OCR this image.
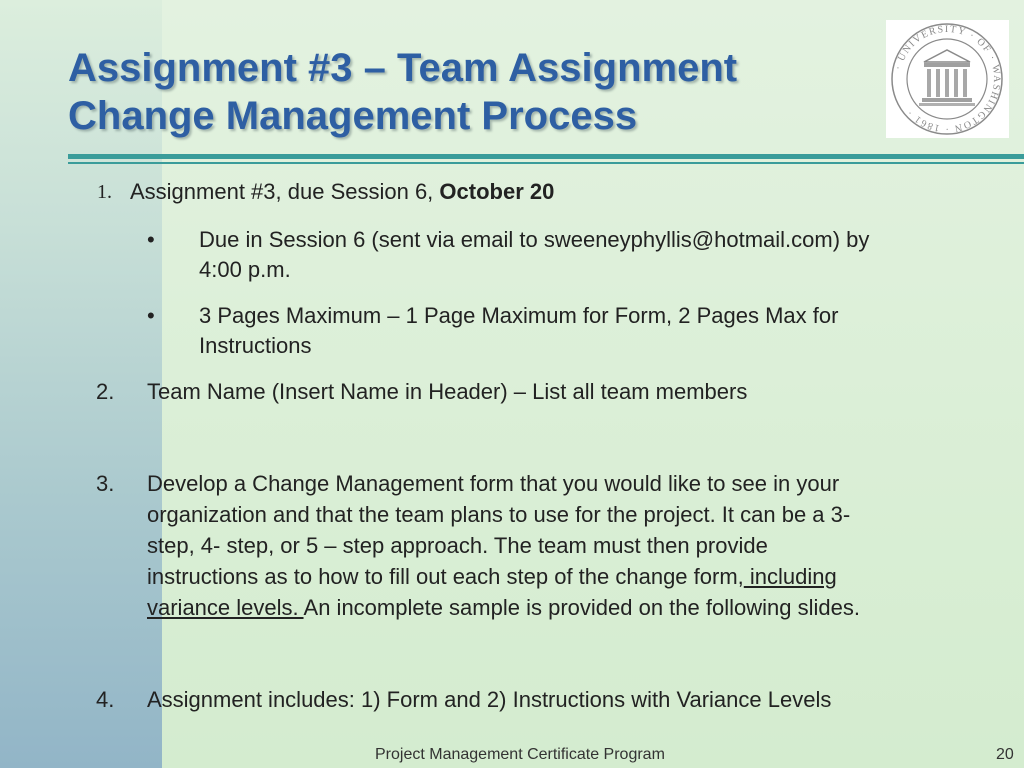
Assignment #3 – Team Assignment
Change Management Process
· UNIVERSITY · OF · WASHINGTON · 1861 ·
1. Assignment #3, due Session 6, October 20
• Due in Session 6 (sent via email to sweeneyphyllis@hotmail.com) by
4:00 p.m.
• 3 Pages Maximum – 1 Page Maximum for Form, 2 Pages Max for
Instructions
2. Team Name (Insert Name in Header) – List all team members
3. Develop a Change Management form that you would like to see in your
organization and that the team plans to use for the project. It can be a 3-
step, 4- step, or 5 – step approach. The team must then provide
instructions as to how to fill out each step of the change form, including
variance levels. An incomplete sample is provided on the following slides.
4. Assignment includes: 1) Form and 2) Instructions with Variance Levels
Project Management Certificate Program	20
